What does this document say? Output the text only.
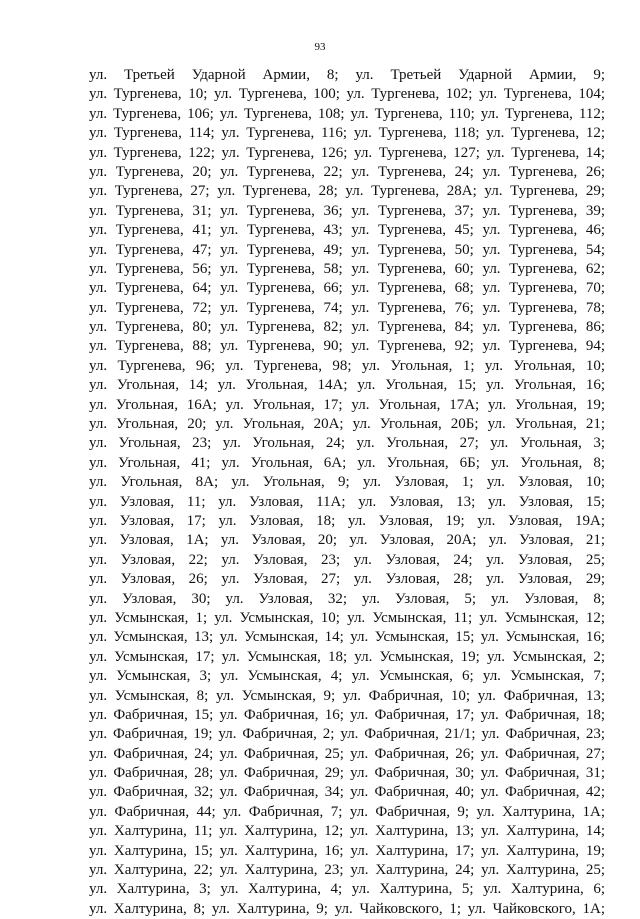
93
ул. Третьей Ударной Армии, 8; ул. Третьей Ударной Армии, 9;
ул. Тургенева, 10; ул. Тургенева, 100; ул. Тургенева, 102; ул. Тургенева, 104;
ул. Тургенева, 106; ул. Тургенева, 108; ул. Тургенева, 110; ул. Тургенева, 112;
ул. Тургенева, 114; ул. Тургенева, 116; ул. Тургенева, 118; ул. Тургенева, 12;
ул. Тургенева, 122; ул. Тургенева, 126; ул. Тургенева, 127; ул. Тургенева, 14;
ул. Тургенева, 20; ул. Тургенева, 22; ул. Тургенева, 24; ул. Тургенева, 26;
ул. Тургенева, 27; ул. Тургенева, 28; ул. Тургенева, 28А; ул. Тургенева, 29;
ул. Тургенева, 31; ул. Тургенева, 36; ул. Тургенева, 37; ул. Тургенева, 39;
ул. Тургенева, 41; ул. Тургенева, 43; ул. Тургенева, 45; ул. Тургенева, 46;
ул. Тургенева, 47; ул. Тургенева, 49; ул. Тургенева, 50; ул. Тургенева, 54;
ул. Тургенева, 56; ул. Тургенева, 58; ул. Тургенева, 60; ул. Тургенева, 62;
ул. Тургенева, 64; ул. Тургенева, 66; ул. Тургенева, 68; ул. Тургенева, 70;
ул. Тургенева, 72; ул. Тургенева, 74; ул. Тургенева, 76; ул. Тургенева, 78;
ул. Тургенева, 80; ул. Тургенева, 82; ул. Тургенева, 84; ул. Тургенева, 86;
ул. Тургенева, 88; ул. Тургенева, 90; ул. Тургенева, 92; ул. Тургенева, 94;
ул. Тургенева, 96; ул. Тургенева, 98; ул. Угольная, 1; ул. Угольная, 10;
ул. Угольная, 14; ул. Угольная, 14А; ул. Угольная, 15; ул. Угольная, 16;
ул. Угольная, 16А; ул. Угольная, 17; ул. Угольная, 17А; ул. Угольная, 19;
ул. Угольная, 20; ул. Угольная, 20А; ул. Угольная, 20Б; ул. Угольная, 21;
ул. Угольная, 23; ул. Угольная, 24; ул. Угольная, 27; ул. Угольная, 3;
ул. Угольная, 41; ул. Угольная, 6А; ул. Угольная, 6Б; ул. Угольная, 8;
ул. Угольная, 8А; ул. Угольная, 9; ул. Узловая, 1; ул. Узловая, 10;
ул. Узловая, 11; ул. Узловая, 11А; ул. Узловая, 13; ул. Узловая, 15;
ул. Узловая, 17; ул. Узловая, 18; ул. Узловая, 19; ул. Узловая, 19А;
ул. Узловая, 1А; ул. Узловая, 20; ул. Узловая, 20А; ул. Узловая, 21;
ул. Узловая, 22; ул. Узловая, 23; ул. Узловая, 24; ул. Узловая, 25;
ул. Узловая, 26; ул. Узловая, 27; ул. Узловая, 28; ул. Узловая, 29;
ул. Узловая, 30; ул. Узловая, 32; ул. Узловая, 5; ул. Узловая, 8;
ул. Усмынская, 1; ул. Усмынская, 10; ул. Усмынская, 11; ул. Усмынская, 12;
ул. Усмынская, 13; ул. Усмынская, 14; ул. Усмынская, 15; ул. Усмынская, 16;
ул. Усмынская, 17; ул. Усмынская, 18; ул. Усмынская, 19; ул. Усмынская, 2;
ул. Усмынская, 3; ул. Усмынская, 4; ул. Усмынская, 6; ул. Усмынская, 7;
ул. Усмынская, 8; ул. Усмынская, 9; ул. Фабричная, 10; ул. Фабричная, 13;
ул. Фабричная, 15; ул. Фабричная, 16; ул. Фабричная, 17; ул. Фабричная, 18;
ул. Фабричная, 19; ул. Фабричная, 2; ул. Фабричная, 21/1; ул. Фабричная, 23;
ул. Фабричная, 24; ул. Фабричная, 25; ул. Фабричная, 26; ул. Фабричная, 27;
ул. Фабричная, 28; ул. Фабричная, 29; ул. Фабричная, 30; ул. Фабричная, 31;
ул. Фабричная, 32; ул. Фабричная, 34; ул. Фабричная, 40; ул. Фабричная, 42;
ул. Фабричная, 44; ул. Фабричная, 7; ул. Фабричная, 9; ул. Халтурина, 1А;
ул. Халтурина, 11; ул. Халтурина, 12; ул. Халтурина, 13; ул. Халтурина, 14;
ул. Халтурина, 15; ул. Халтурина, 16; ул. Халтурина, 17; ул. Халтурина, 19;
ул. Халтурина, 22; ул. Халтурина, 23; ул. Халтурина, 24; ул. Халтурина, 25;
ул. Халтурина, 3; ул. Халтурина, 4; ул. Халтурина, 5; ул. Халтурина, 6;
ул. Халтурина, 8; ул. Халтурина, 9; ул. Чайковского, 1; ул. Чайковского, 1А;
